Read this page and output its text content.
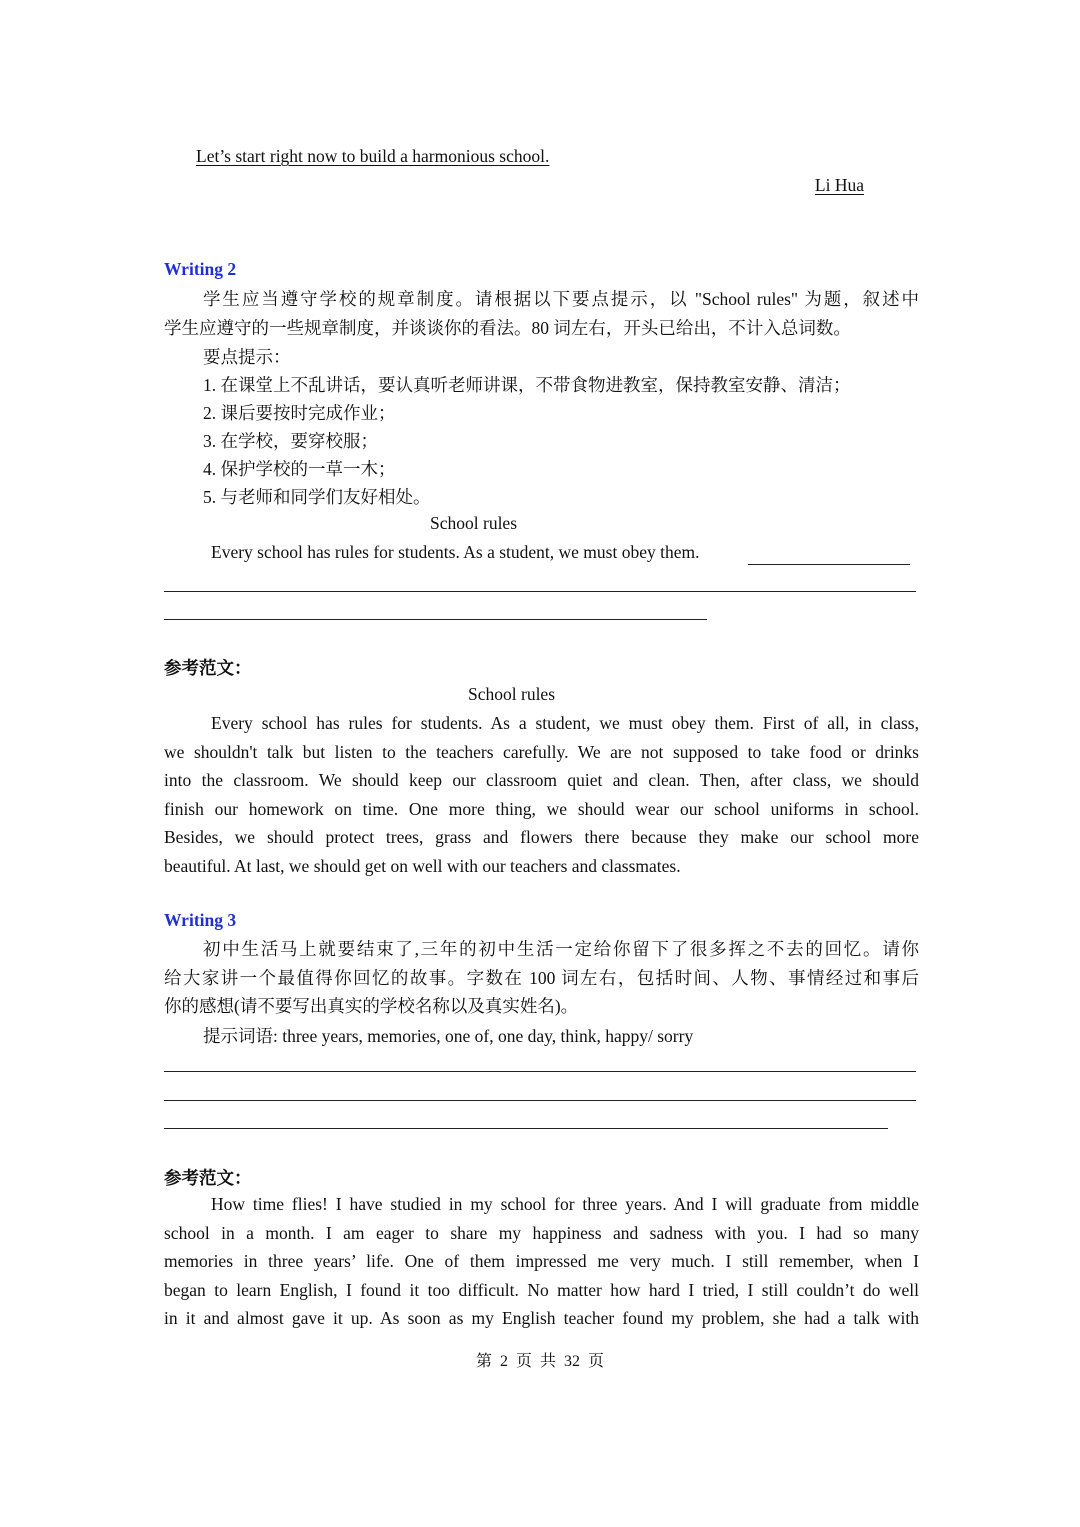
Let’s start right now to build a harmonious school.
Li Hua
Writing 2
学生应当遵守学校的规章制度。请根据以下要点提示，以 "School rules" 为题，叙述中
学生应遵守的一些规章制度，并谈谈你的看法。80 词左右，开头已给出，不计入总词数。
要点提示：
1. 在课堂上不乱讲话，要认真听老师讲课，不带食物进教室，保持教室安静、清洁；
2. 课后要按时完成作业；
3. 在学校，要穿校服；
4. 保护学校的一草一木；
5. 与老师和同学们友好相处。
School rules
Every school has rules for students. As a student, we must obey them.
参考范文：
School rules
Every school has rules for students. As a student, we must obey them. First of all, in class,
we shouldn't talk but listen to the teachers carefully. We are not supposed to take food or drinks
into the classroom. We should keep our classroom quiet and clean. Then, after class, we should
finish our homework on time. One more thing, we should wear our school uniforms in school.
Besides, we should protect trees, grass and flowers there because they make our school more
beautiful. At last, we should get on well with our teachers and classmates.
Writing 3
初中生活马上就要结束了,三年的初中生活一定给你留下了很多挥之不去的回忆。请你
给大家讲一个最值得你回忆的故事。字数在 100 词左右，包括时间、人物、事情经过和事后
你的感想(请不要写出真实的学校名称以及真实姓名)。
提示词语: three years, memories, one of, one day, think, happy/ sorry
参考范文：
How time flies! I have studied in my school for three years. And I will graduate from middle
school in a month. I am eager to share my happiness and sadness with you. I had so many
memories in three years’ life. One of them impressed me very much. I still remember, when I
began to learn English, I found it too difficult. No matter how hard I tried, I still couldn’t do well
in it and almost gave it up. As soon as my English teacher found my problem, she had a talk with
第 2 页 共 32 页
